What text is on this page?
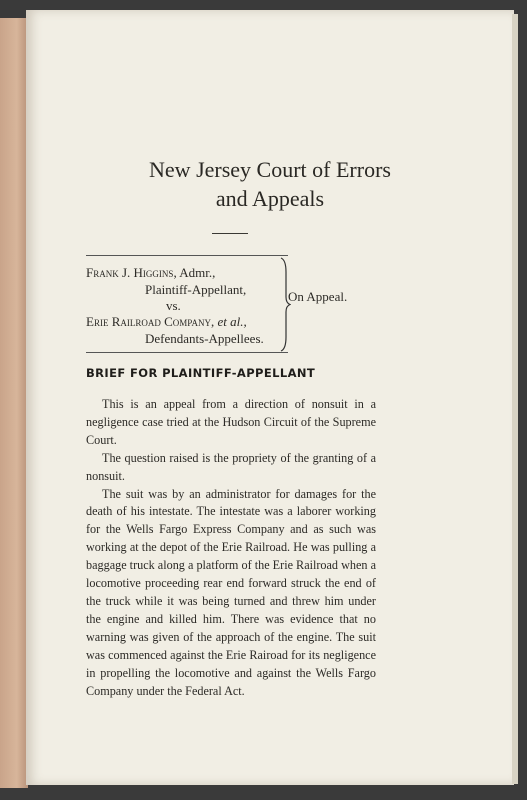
New Jersey Court of Errors
and Appeals
Frank J. Higgins, Admr.,
Plaintiff-Appellant,
vs.
Erie Railroad Company, et al.,
Defendants-Appellees.
On Appeal.
BRIEF FOR PLAINTIFF-APPELLANT

This is an appeal from a direction of nonsuit in a negligence case tried at the Hudson Circuit of the Supreme Court.

The question raised is the propriety of the granting of a nonsuit.

The suit was by an administrator for damages for the death of his intestate. The intestate was a laborer working for the Wells Fargo Express Company and as such was working at the depot of the Erie Railroad. He was pulling a baggage truck along a platform of the Erie Railroad when a locomotive proceeding rear end forward struck the end of the truck while it was being turned and threw him under the engine and killed him. There was evidence that no warning was given of the approach of the engine. The suit was commenced against the Erie Rairoad for its negligence in propelling the locomotive and against the Wells Fargo Company under the Federal Act.
